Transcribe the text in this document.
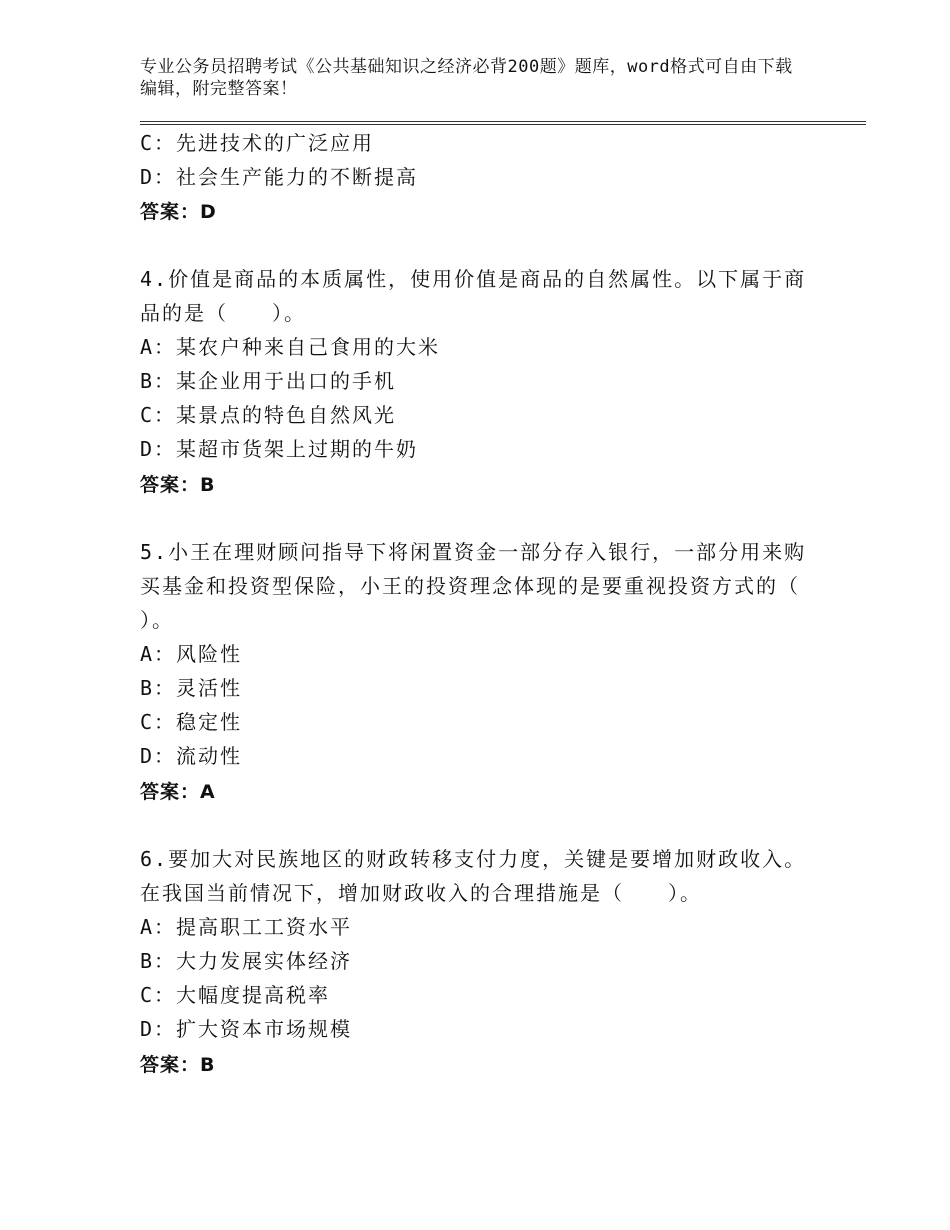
专业公务员招聘考试《公共基础知识之经济必背200题》题库，word格式可自由下载编辑，附完整答案！
C：先进技术的广泛应用
D：社会生产能力的不断提高
答案：D
4.价值是商品的本质属性，使用价值是商品的自然属性。以下属于商
品的是（　　）。
A：某农户种来自己食用的大米
B：某企业用于出口的手机
C：某景点的特色自然风光
D：某超市货架上过期的牛奶
答案：B
5.小王在理财顾问指导下将闲置资金一部分存入银行，一部分用来购
买基金和投资型保险，小王的投资理念体现的是要重视投资方式的（
）。
A：风险性
B：灵活性
C：稳定性
D：流动性
答案：A
6.要加大对民族地区的财政转移支付力度，关键是要增加财政收入。
在我国当前情况下，增加财政收入的合理措施是（　　）。
A：提高职工工资水平
B：大力发展实体经济
C：大幅度提高税率
D：扩大资本市场规模
答案：B
